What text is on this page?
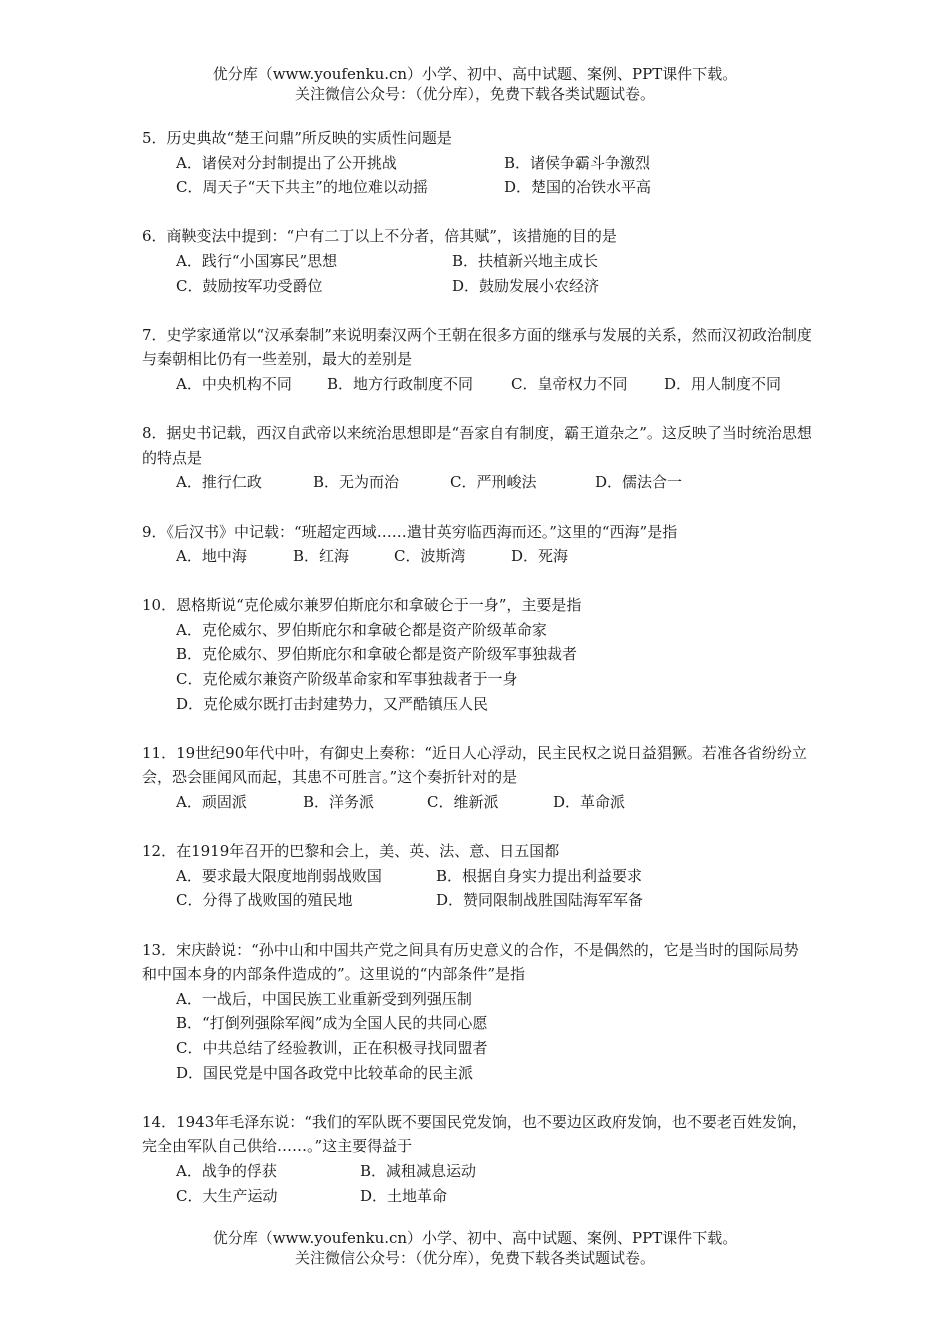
优分库（www.youfenku.cn）小学、初中、高中试题、案例、PPT课件下载。
关注微信公众号：（优分库），免费下载各类试题试卷。
5．历史典故“楚王问鼎”所反映的实质性问题是
A．诸侯对分封制提出了公开挑战	B．诸侯争霸斗争激烈
C．周天子“天下共主”的地位难以动摇	D．楚国的冶铁水平高
6．商鞅变法中提到：“户有二丁以上不分者，倍其赋”，该措施的目的是
A．践行“小国寡民”思想	B．扶植新兴地主成长
C．鼓励按军功受爵位	D．鼓励发展小农经济
7．史学家通常以“汉承秦制”来说明秦汉两个王朝在很多方面的继承与发展的关系，然而汉初政治制度与秦朝相比仍有一些差别，最大的差别是
A．中央机构不同	B．地方行政制度不同	C．皇帝权力不同	D．用人制度不同
8．据史书记载，西汉自武帝以来统治思想即是“吾家自有制度，霸王道杂之”。这反映了当时统治思想的特点是
A．推行仁政	B．无为而治	C．严刑峻法	D．儒法合一
9．《后汉书》中记载：“班超定西域……遣甘英穷临西海而还。”这里的“西海”是指
A．地中海	B．红海	C．波斯湾	D．死海
10．恩格斯说“克伦威尔兼罗伯斯庇尔和拿破仑于一身”，主要是指
A．克伦威尔、罗伯斯庇尔和拿破仑都是资产阶级革命家
B．克伦威尔、罗伯斯庇尔和拿破仑都是资产阶级军事独裁者
C．克伦威尔兼资产阶级革命家和军事独裁者于一身
D．克伦威尔既打击封建势力，又严酷镇压人民
11．19世纪90年代中叶，有御史上奏称：“近日人心浮动，民主民权之说日益猖獗。若准各省纷纷立会，恐会匪闻风而起，其患不可胜言。”这个奏折针对的是
A．顽固派	B．洋务派	C．维新派	D．革命派
12．在1919年召开的巴黎和会上，美、英、法、意、日五国都
A．要求最大限度地削弱战败国	B．根据自身实力提出利益要求
C．分得了战败国的殖民地	D．赞同限制战胜国陆海军军备
13．宋庆龄说：“孙中山和中国共产党之间具有历史意义的合作，不是偶然的，它是当时的国际局势和中国本身的内部条件造成的”。这里说的“内部条件”是指
A．一战后，中国民族工业重新受到列强压制
B．“打倒列强除军阀”成为全国人民的共同心愿
C．中共总结了经验教训，正在积极寻找同盟者
D．国民党是中国各政党中比较革命的民主派
14．1943年毛泽东说：“我们的军队既不要国民党发饷，也不要边区政府发饷，也不要老百姓发饷，完全由军队自己供给……。”这主要得益于
A．战争的俘获	B．减租减息运动
C．大生产运动	D．土地革命
优分库（www.youfenku.cn）小学、初中、高中试题、案例、PPT课件下载。
关注微信公众号：（优分库），免费下载各类试题试卷。
